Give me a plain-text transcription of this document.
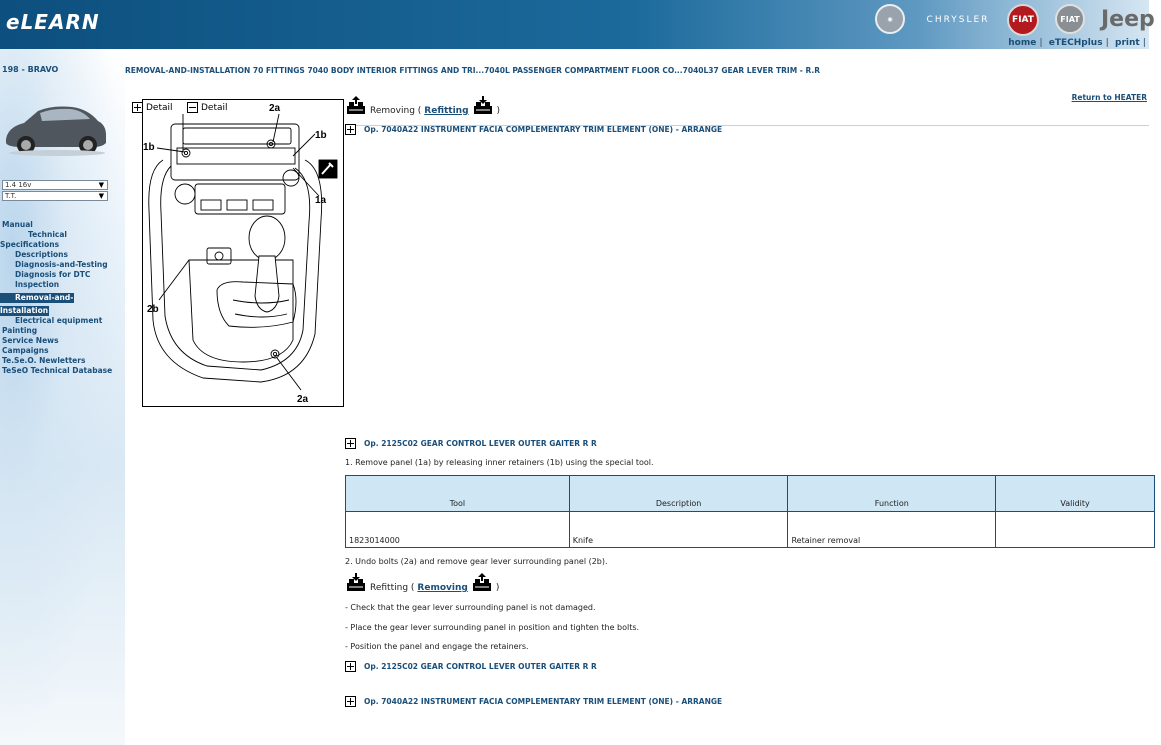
eLEARN	◉	CHRYSLER	FIAT	FIAT Jeep
home | eTECHplus | print |
198 - BRAVO
1.4 16v	▼
T.T.	▼
Manual
Technical
Specifications
Descriptions
Diagnosis-and-Testing
Diagnosis for DTC
Inspection
Removal-and-
Installation
Electrical equipment
Painting
Service News
Campaigns
Te.Se.O. Newletters
TeSeO Technical Database
REMOVAL-AND-INSTALLATION 70 FITTINGS 7040 BODY INTERIOR FITTINGS AND TRI...7040L PASSENGER COMPARTMENT FLOOR CO...7040L37 GEAR LEVER TRIM - R.R
Return to HEATER
Detail	Detail
1b
2a
1b
1a
2b
2a
Removing ( Refitting	)
Op. 7040A22 INSTRUMENT FACIA COMPLEMENTARY TRIM ELEMENT (ONE) - ARRANGE
Op. 2125C02 GEAR CONTROL LEVER OUTER GAITER R R
1. Remove panel (1a) by releasing inner retainers (1b) using the special tool.
Tool	Description	Function	Validity
1823014000	Knife	Retainer removal	
2. Undo bolts (2a) and remove gear lever surrounding panel (2b).
Refitting ( Removing	)
- Check that the gear lever surrounding panel is not damaged.
- Place the gear lever surrounding panel in position and tighten the bolts.
- Position the panel and engage the retainers.
Op. 2125C02 GEAR CONTROL LEVER OUTER GAITER R R
Op. 7040A22 INSTRUMENT FACIA COMPLEMENTARY TRIM ELEMENT (ONE) - ARRANGE
